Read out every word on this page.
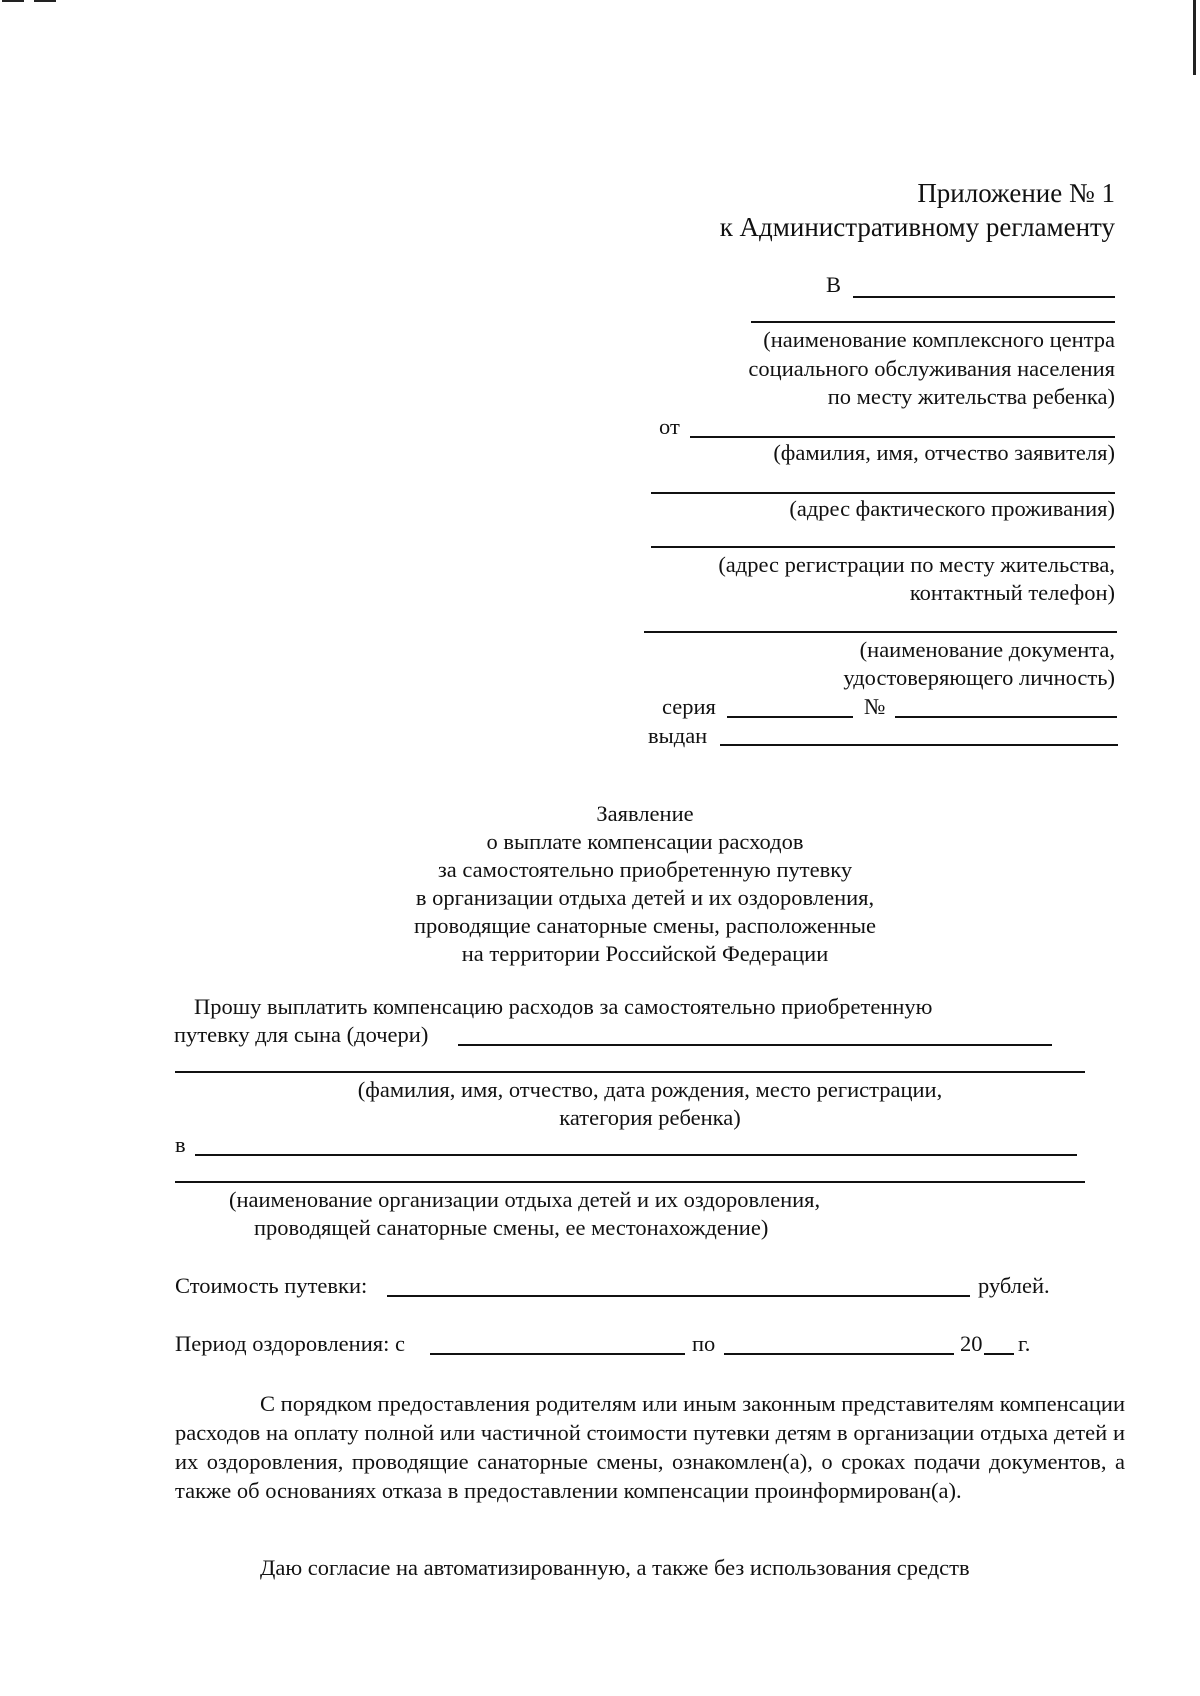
Приложение № 1
к Административному регламенту
В
(наименование комплексного центра
социального обслуживания населения
по месту жительства ребенка)
от
(фамилия, имя, отчество заявителя)
(адрес фактического проживания)
(адрес регистрации по месту жительства,
контактный телефон)
(наименование документа,
удостоверяющего личность)
серия	№
выдан
Заявление
о выплате компенсации расходов
за самостоятельно приобретенную путевку
в организации отдыха детей и их оздоровления,
проводящие санаторные смены, расположенные
на территории Российской Федерации
Прошу выплатить компенсацию расходов за самостоятельно приобретенную
путевку для сына (дочери)
(фамилия, имя, отчество, дата рождения, место регистрации,
категория ребенка)
в
(наименование организации отдыха детей и их оздоровления,
проводящей санаторные смены, ее местонахождение)
Стоимость путевки:	рублей.
Период оздоровления: с	по	20 г.
С порядком предоставления родителям или иным законным представителям компенсации расходов на оплату полной или частичной стоимости путевки детям в организации отдыха детей и их оздоровления, проводящие санаторные смены, ознакомлен(а), о сроках подачи документов, а также об основаниях отказа в предоставлении компенсации проинформирован(а).
Даю согласие на автоматизированную, а также без использования средств
